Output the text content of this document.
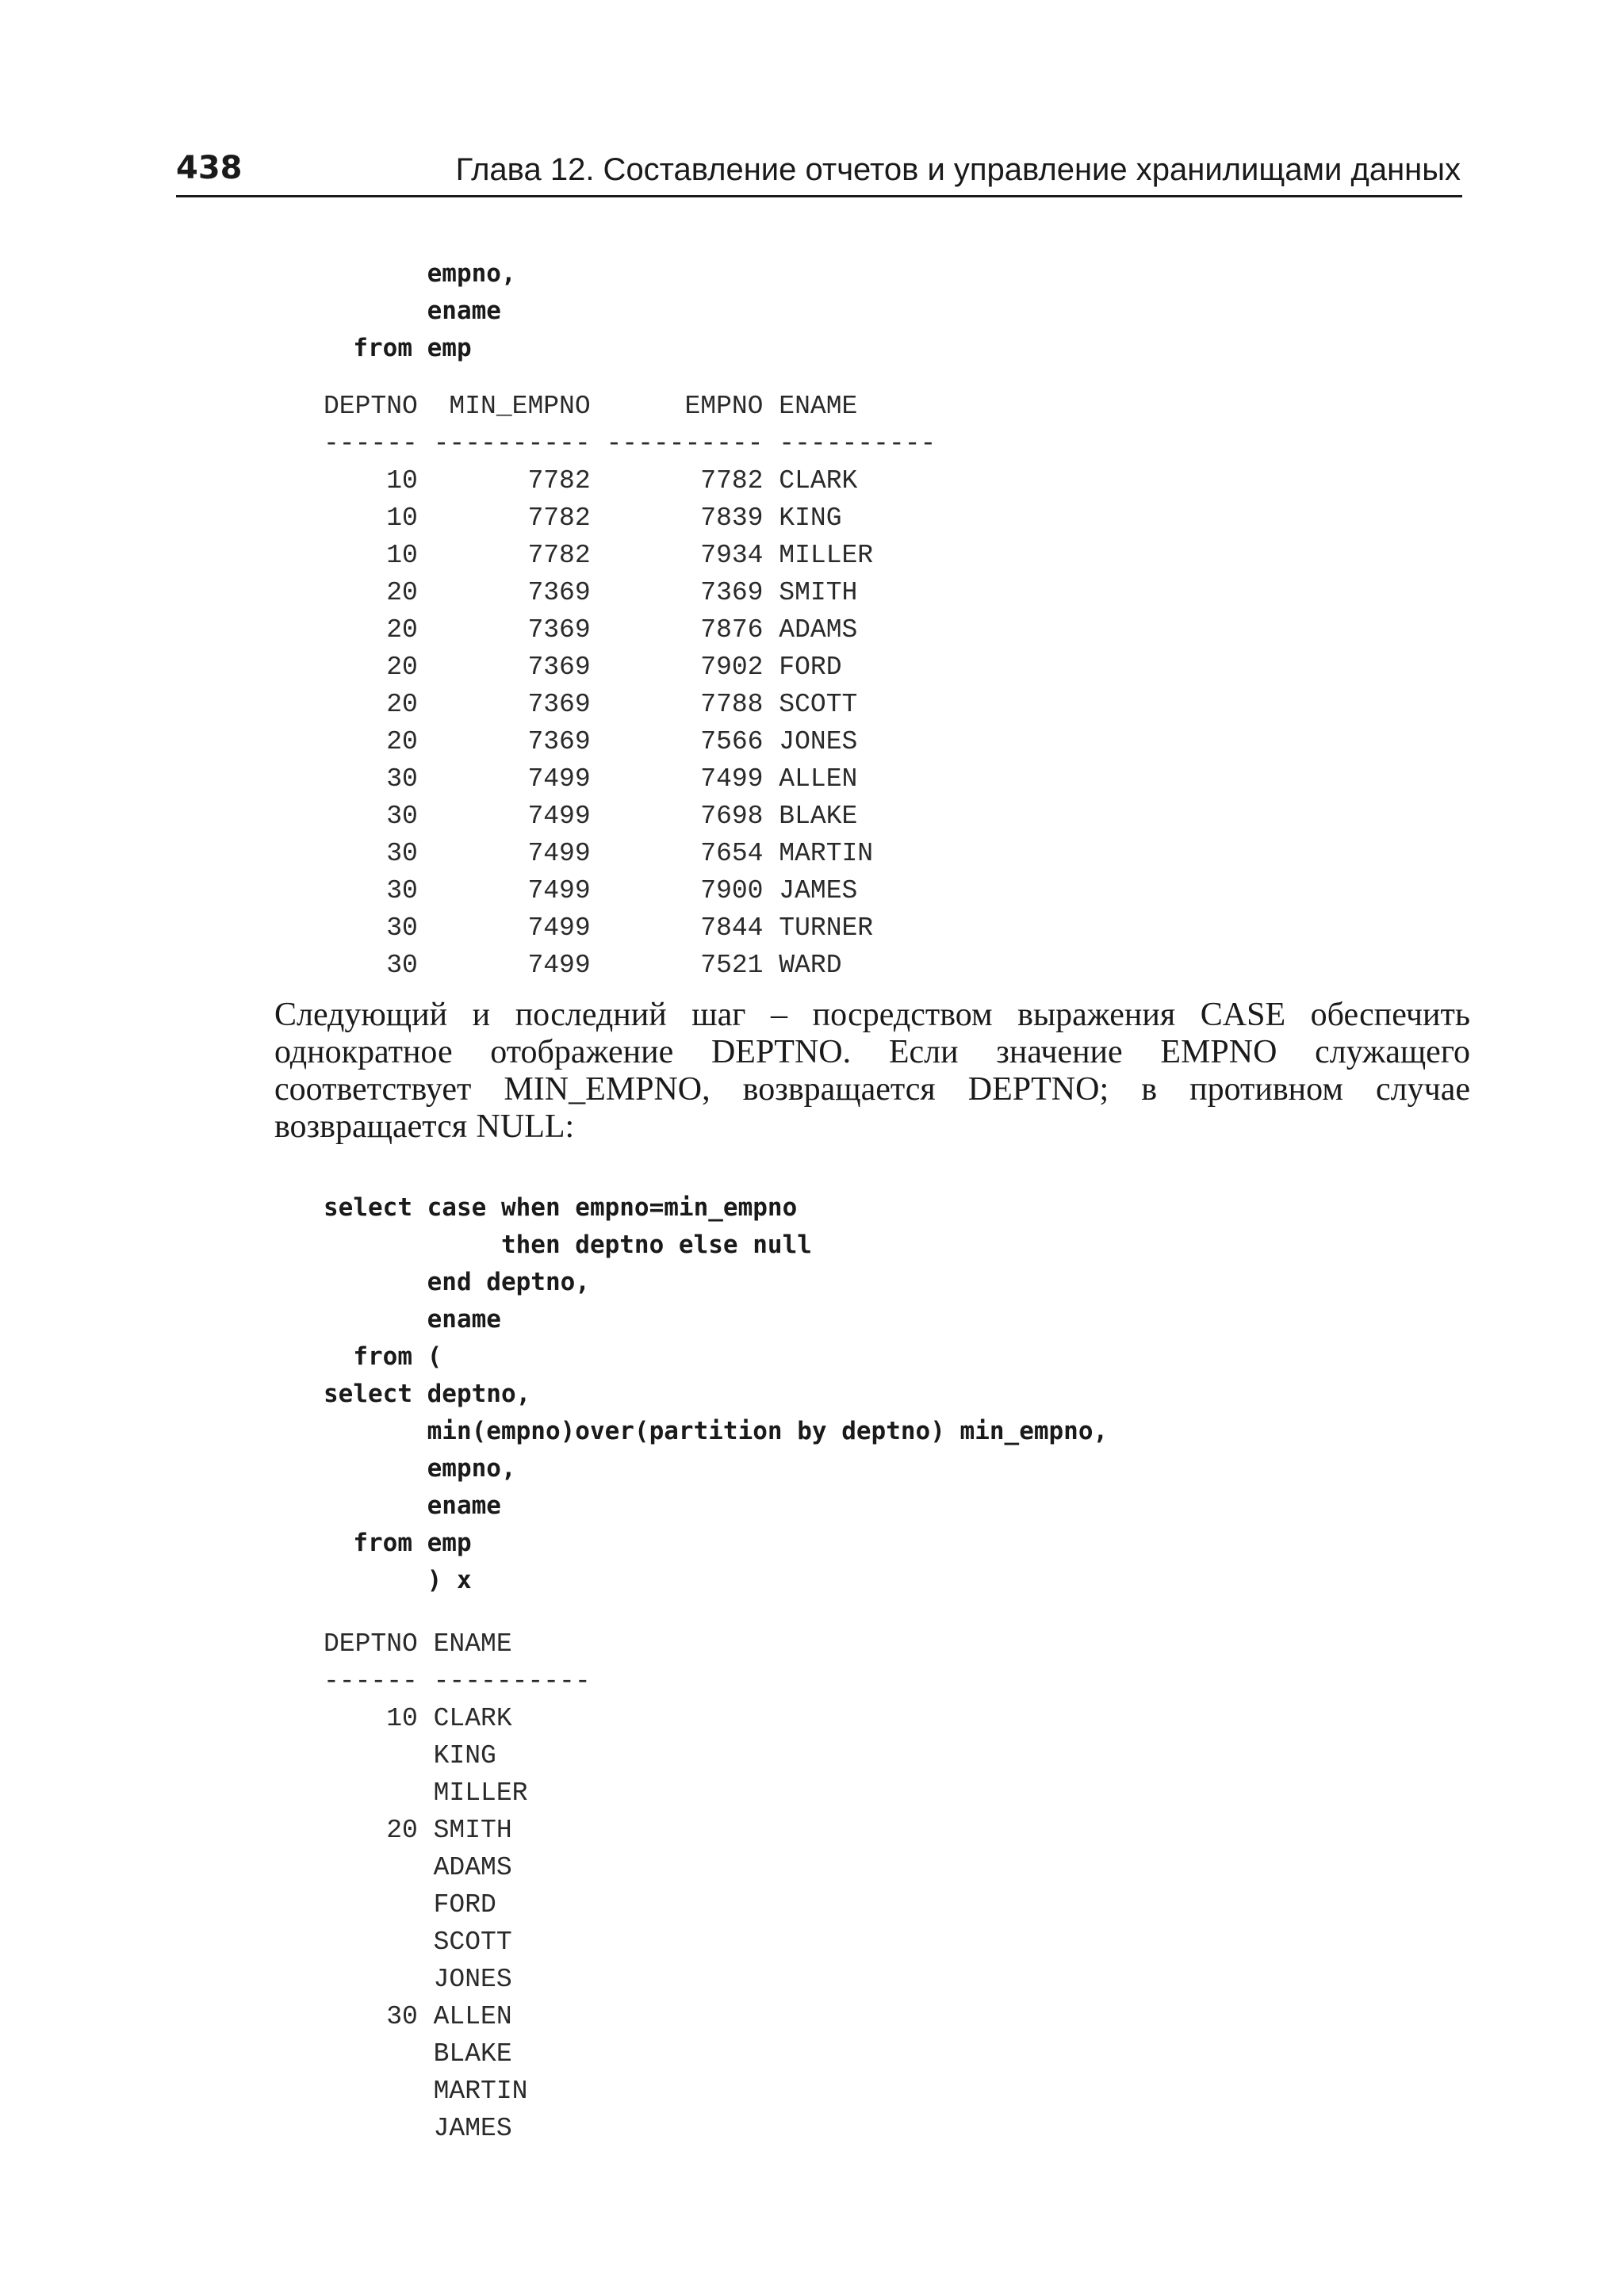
438	Глава 12. Составление отчетов и управление хранилищами данных
empno,
ename
from emp
DEPTNO  MIN_EMPNO      EMPNO ENAME
------ ---------- ---------- ----------
10       7782       7782 CLARK
10       7782       7839 KING
10       7782       7934 MILLER
20       7369       7369 SMITH
20       7369       7876 ADAMS
20       7369       7902 FORD
20       7369       7788 SCOTT
20       7369       7566 JONES
30       7499       7499 ALLEN
30       7499       7698 BLAKE
30       7499       7654 MARTIN
30       7499       7900 JAMES
30       7499       7844 TURNER
30       7499       7521 WARD

Следующий и последний шаг – посредством выражения CASE обеспечить однократное отображение DEPTNO. Если значение EMPNO служащего соответствует MIN_EMPNO, возвращается DEPTNO; в противном случае возвращается NULL:

select case when empno=min_empno
then deptno else null
end deptno,
ename
from (
select deptno,
min(empno)over(partition by deptno) min_empno,
empno,
ename
from emp
) x
DEPTNO ENAME
------ ----------
10 CLARK
KING
MILLER
20 SMITH
ADAMS
FORD
SCOTT
JONES
30 ALLEN
BLAKE
MARTIN
JAMES
